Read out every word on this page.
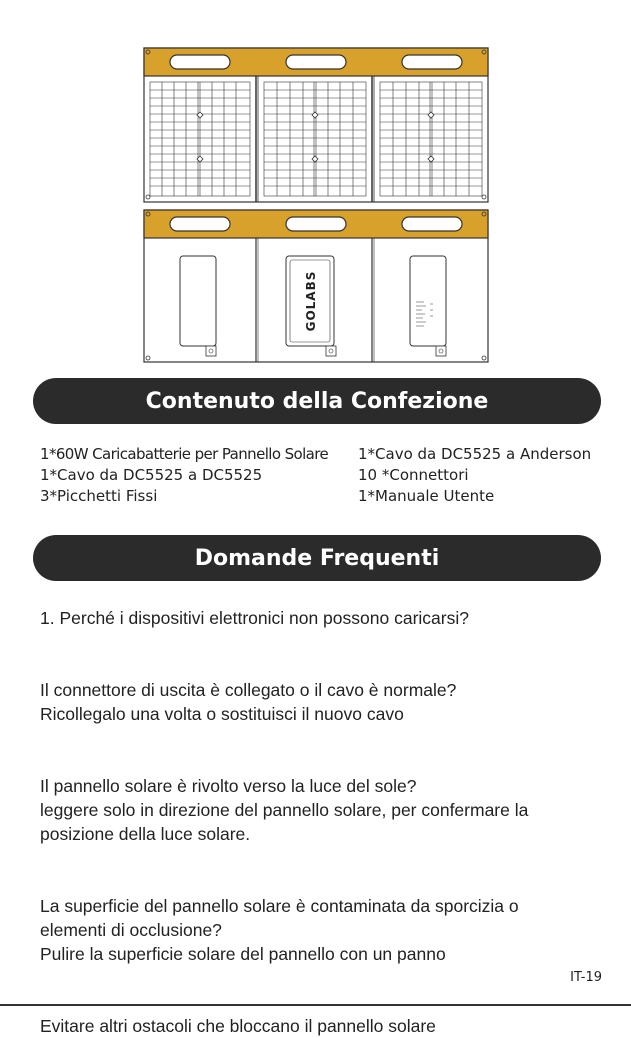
GOLABS
Contenuto della Confezione
1*60W Caricabatterie per Pannello Solare
1*Cavo da DC5525 a DC5525
3*Picchetti Fissi
1*Cavo da DC5525 a Anderson
10 *Connettori
1*Manuale Utente
Domande Frequenti

1. Perché i dispositivi elettronici non possono caricarsi?

Il connettore di uscita è collegato o il cavo è normale?

Ricollegalo una volta o sostituisci il nuovo cavo

Il pannello solare è rivolto verso la luce del sole?

leggere solo in direzione del pannello solare, per confermare la

posizione della luce solare.

La superficie del pannello solare è contaminata da sporcizia o

elementi di occlusione?

Pulire la superficie solare del pannello con un panno

Evitare altri ostacoli che bloccano il pannello solare

IT-19
